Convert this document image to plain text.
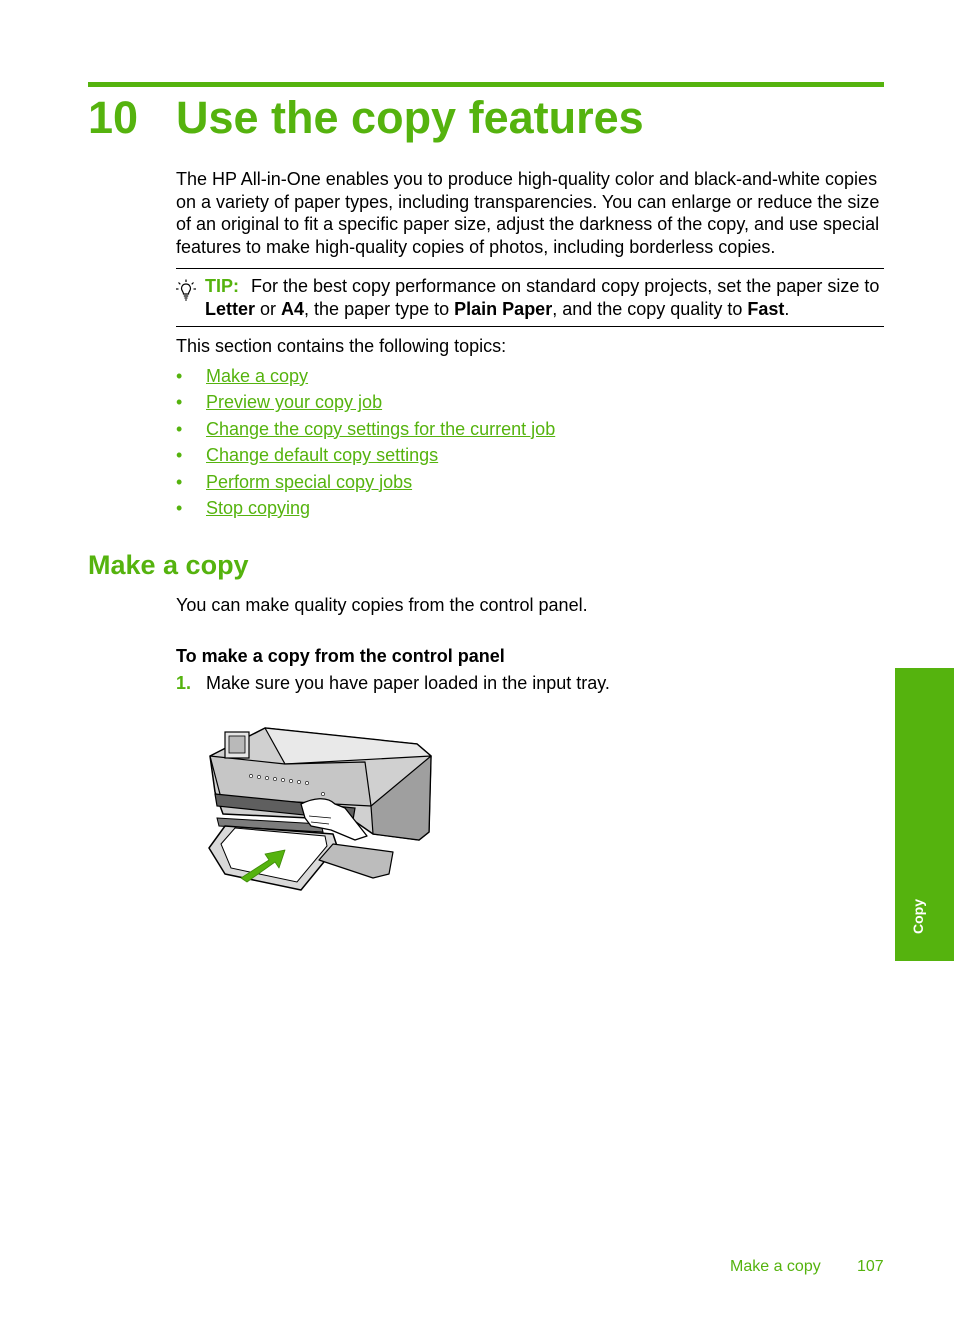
10 Use the copy features

The HP All-in-One enables you to produce high-quality color and black-and-white copies on a variety of paper types, including transparencies. You can enlarge or reduce the size of an original to fit a specific paper size, adjust the darkness of the copy, and use special features to make high-quality copies of photos, including borderless copies.

TIP: For the best copy performance on standard copy projects, set the paper size to Letter or A4, the paper type to Plain Paper, and the copy quality to Fast.

This section contains the following topics:

• Make a copy
• Preview your copy job
• Change the copy settings for the current job
• Change default copy settings
• Perform special copy jobs
• Stop copying
Make a copy

You can make quality copies from the control panel.

To make a copy from the control panel

1. Make sure you have paper loaded in the input tray.
Copy
Make a copy 107
